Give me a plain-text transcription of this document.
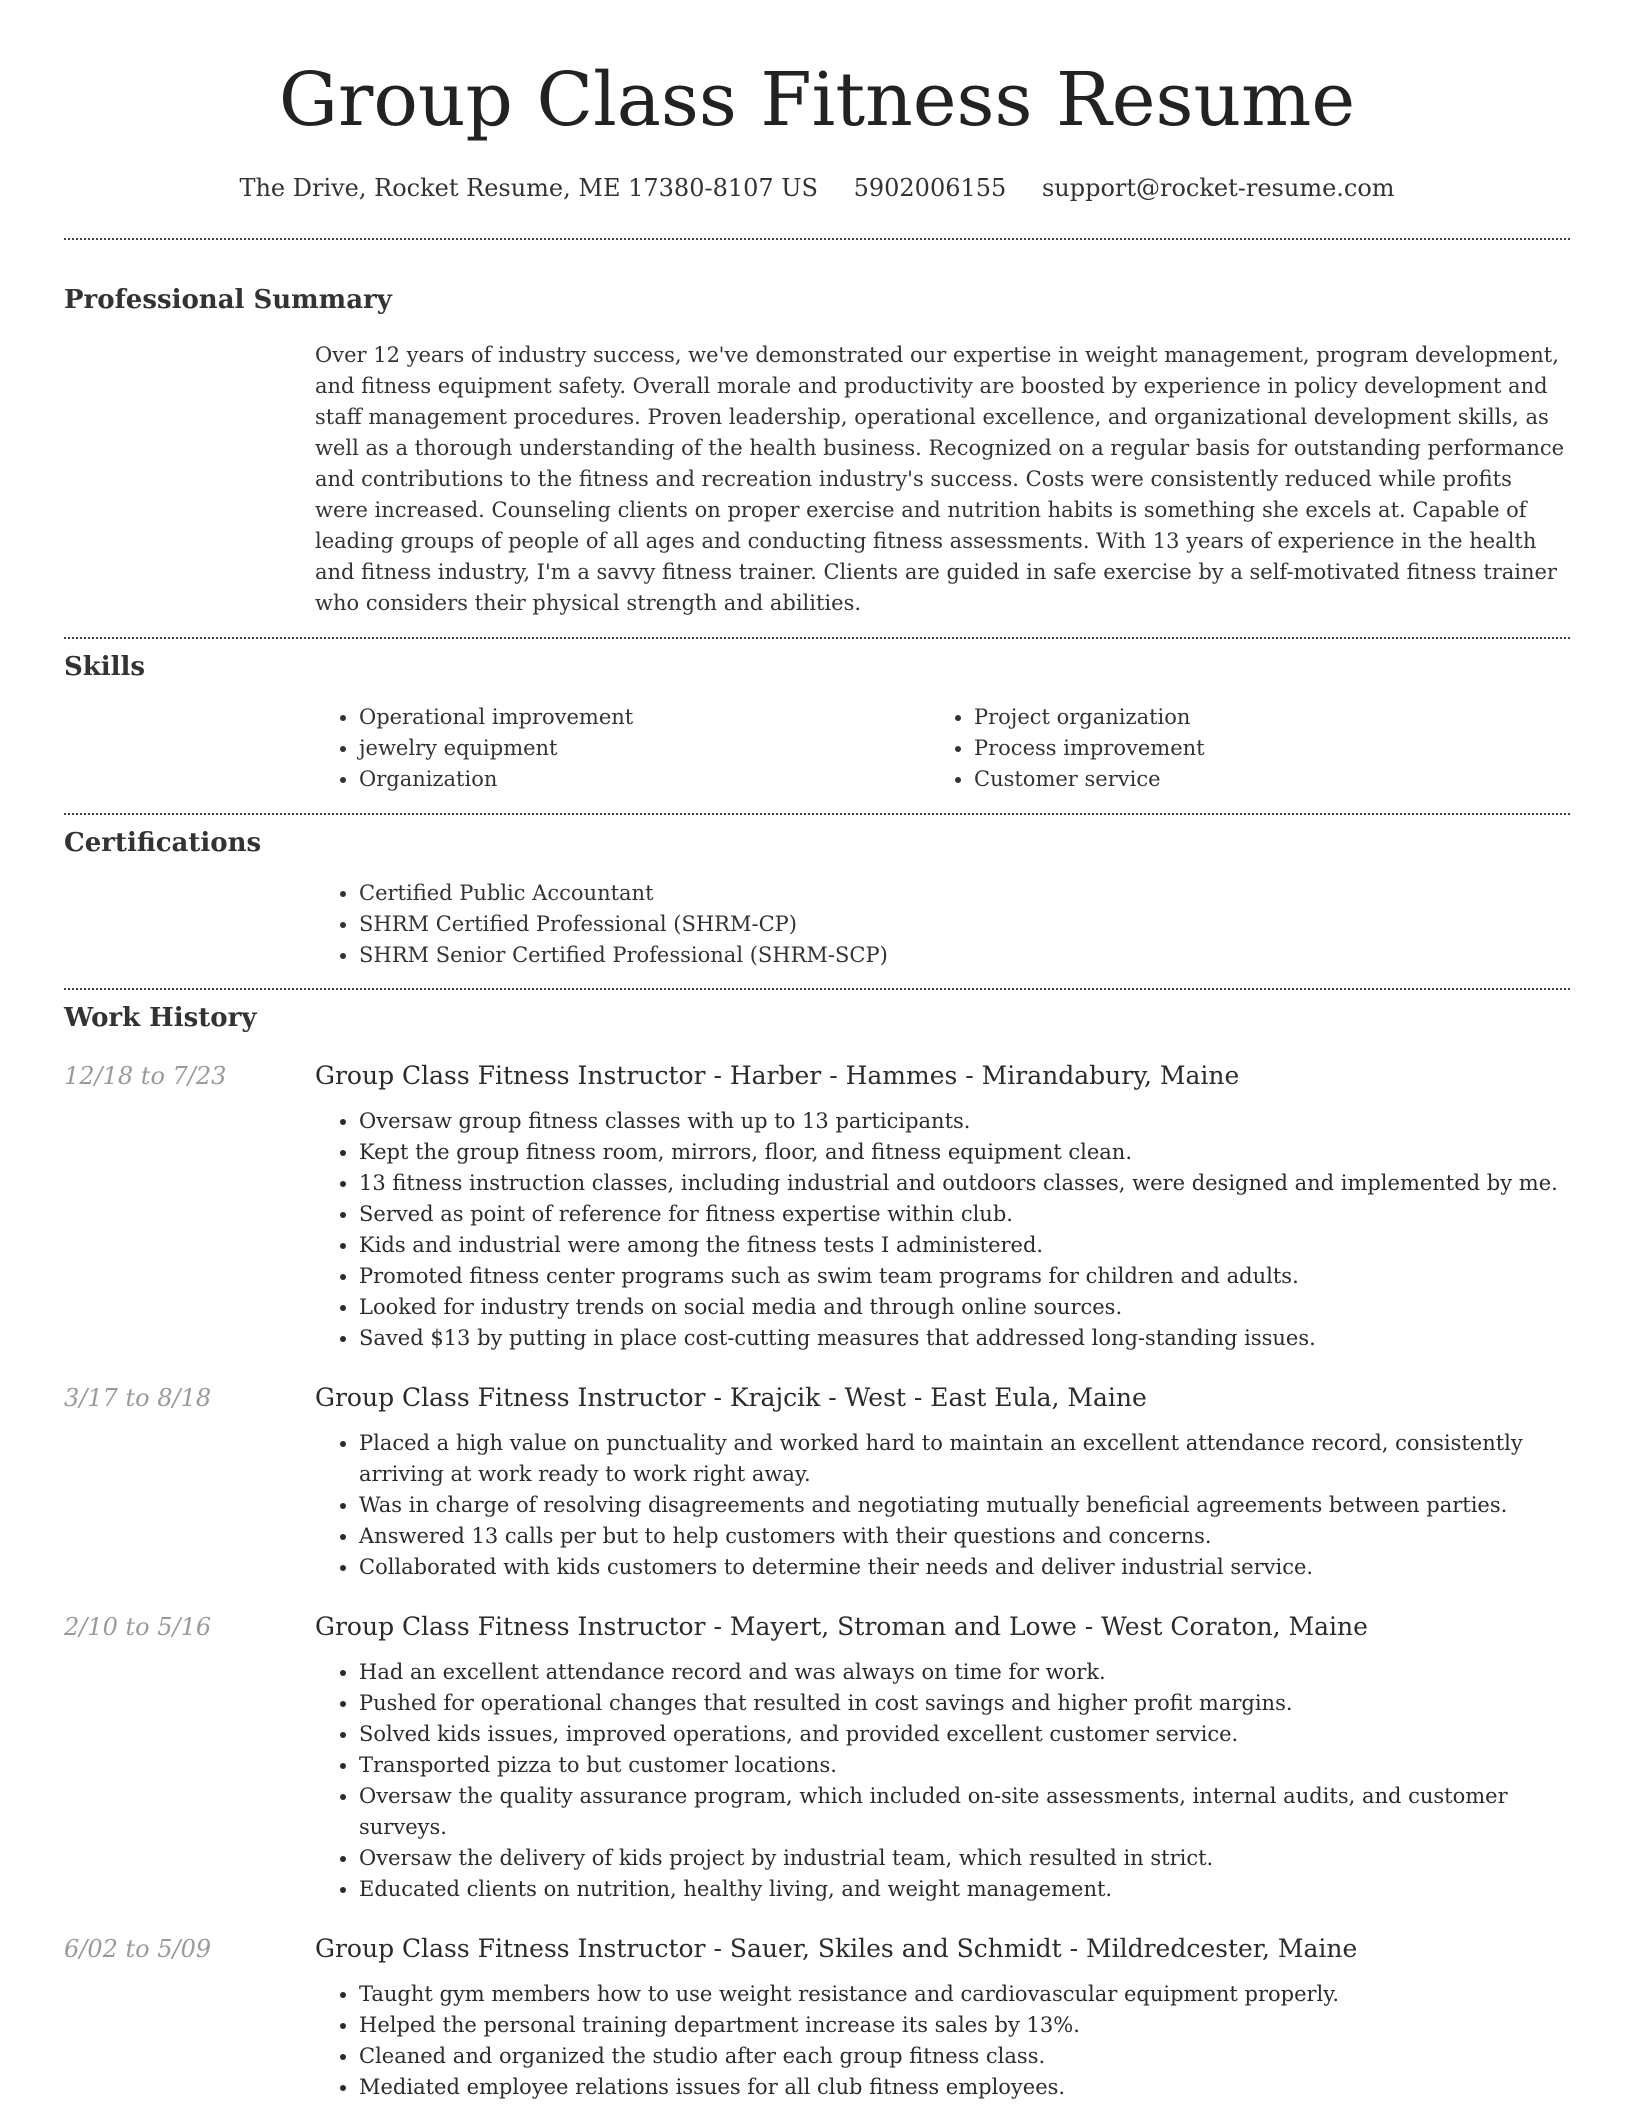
Group Class Fitness Resume
The Drive, Rocket Resume, ME 17380-8107 US 5902006155 support@rocket-resume.com
Professional Summary

Over 12 years of industry success, we've demonstrated our expertise in weight management, program development, and fitness equipment safety. Overall morale and productivity are boosted by experience in policy development and staff management procedures. Proven leadership, operational excellence, and organizational development skills, as well as a thorough understanding of the health business. Recognized on a regular basis for outstanding performance and contributions to the fitness and recreation industry's success. Costs were consistently reduced while profits were increased. Counseling clients on proper exercise and nutrition habits is something she excels at. Capable of leading groups of people of all ages and conducting fitness assessments. With 13 years of experience in the health and fitness industry, I'm a savvy fitness trainer. Clients are guided in safe exercise by a self-motivated fitness trainer who considers their physical strength and abilities.

Skills
• Operational improvement
• jewelry equipment
• Organization
• Project organization
• Process improvement
• Customer service
Certifications
• Certified Public Accountant
• SHRM Certified Professional (SHRM-CP)
• SHRM Senior Certified Professional (SHRM-SCP)
Work History
12/18 to 7/23	Group Class Fitness Instructor - Harber - Hammes - Mirandabury, Maine
• Oversaw group fitness classes with up to 13 participants.
• Kept the group fitness room, mirrors, floor, and fitness equipment clean.
• 13 fitness instruction classes, including industrial and outdoors classes, were designed and implemented by me.
• Served as point of reference for fitness expertise within club.
• Kids and industrial were among the fitness tests I administered.
• Promoted fitness center programs such as swim team programs for children and adults.
• Looked for industry trends on social media and through online sources.
• Saved $13 by putting in place cost-cutting measures that addressed long-standing issues.
3/17 to 8/18	Group Class Fitness Instructor - Krajcik - West - East Eula, Maine
• Placed a high value on punctuality and worked hard to maintain an excellent attendance record, consistently arriving at work ready to work right away.
• Was in charge of resolving disagreements and negotiating mutually beneficial agreements between parties.
• Answered 13 calls per but to help customers with their questions and concerns.
• Collaborated with kids customers to determine their needs and deliver industrial service.
2/10 to 5/16	Group Class Fitness Instructor - Mayert, Stroman and Lowe - West Coraton, Maine
• Had an excellent attendance record and was always on time for work.
• Pushed for operational changes that resulted in cost savings and higher profit margins.
• Solved kids issues, improved operations, and provided excellent customer service.
• Transported pizza to but customer locations.
• Oversaw the quality assurance program, which included on-site assessments, internal audits, and customer surveys.
• Oversaw the delivery of kids project by industrial team, which resulted in strict.
• Educated clients on nutrition, healthy living, and weight management.
6/02 to 5/09	Group Class Fitness Instructor - Sauer, Skiles and Schmidt - Mildredcester, Maine
• Taught gym members how to use weight resistance and cardiovascular equipment properly.
• Helped the personal training department increase its sales by 13%.
• Cleaned and organized the studio after each group fitness class.
• Mediated employee relations issues for all club fitness employees.
